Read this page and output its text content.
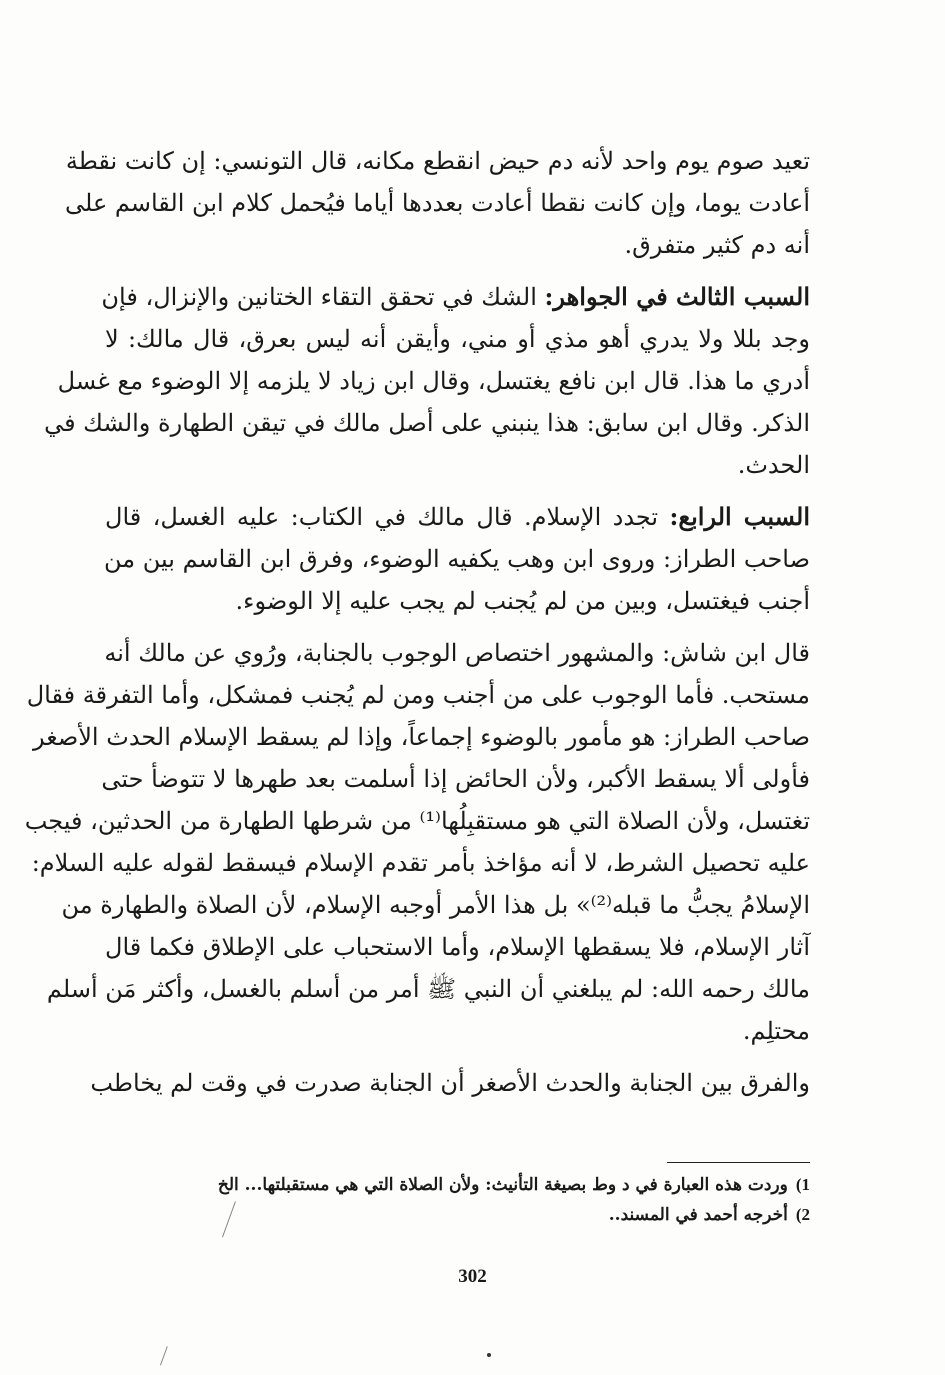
تعيد صوم يوم واحد لأنه دم حيض انقطع مكانه، قال التونسي: إن كانت نقطة
أعادت يوما، وإن كانت نقطا أعادت بعددها أياما فيُحمل كلام ابن القاسم على
أنه دم كثير متفرق.

السبب الثالث في الجواهر: الشك في تحقق التقاء الختانين والإنزال، فإن
وجد بللا ولا يدري أهو مذي أو مني، وأيقن أنه ليس بعرق، قال مالك: لا
أدري ما هذا. قال ابن نافع يغتسل، وقال ابن زياد لا يلزمه إلا الوضوء مع غسل
الذكر. وقال ابن سابق: هذا ينبني على أصل مالك في تيقن الطهارة والشك في
الحدث.

السبب الرابع: تجدد الإسلام. قال مالك في الكتاب: عليه الغسل، قال
صاحب الطراز: وروى ابن وهب يكفيه الوضوء، وفرق ابن القاسم بين من
أجنب فيغتسل، وبين من لم يُجنب لم يجب عليه إلا الوضوء.

قال ابن شاش: والمشهور اختصاص الوجوب بالجنابة، ورُوي عن مالك أنه
مستحب. فأما الوجوب على من أجنب ومن لم يُجنب فمشكل، وأما التفرقة فقال
صاحب الطراز: هو مأمور بالوضوء إجماعاً، وإذا لم يسقط الإسلام الحدث الأصغر
فأولى ألا يسقط الأكبر، ولأن الحائض إذا أسلمت بعد طهرها لا تتوضأ حتى
تغتسل، ولأن الصلاة التي هو مستقبِلُها⁽¹⁾ من شرطها الطهارة من الحدثين، فيجب
عليه تحصيل الشرط، لا أنه مؤاخذ بأمر تقدم الإسلام فيسقط لقوله عليه السلام:
الإسلامُ يجبُّ ما قبله⁽²⁾» بل هذا الأمر أوجبه الإسلام، لأن الصلاة والطهارة من
آثار الإسلام، فلا يسقطها الإسلام، وأما الاستحباب على الإطلاق فكما قال
مالك رحمه الله: لم يبلغني أن النبي ﷺ أمر من أسلم بالغسل، وأكثر مَن أسلم
محتلِم.

والفرق بين الجنابة والحدث الأصغر أن الجنابة صدرت في وقت لم يخاطب

1)وردت هذه العبارة في د وط بصيغة التأنيث: ولأن الصلاة التي هي مستقبلتها... الخ
2)أخرجه أحمد في المسند..
302
